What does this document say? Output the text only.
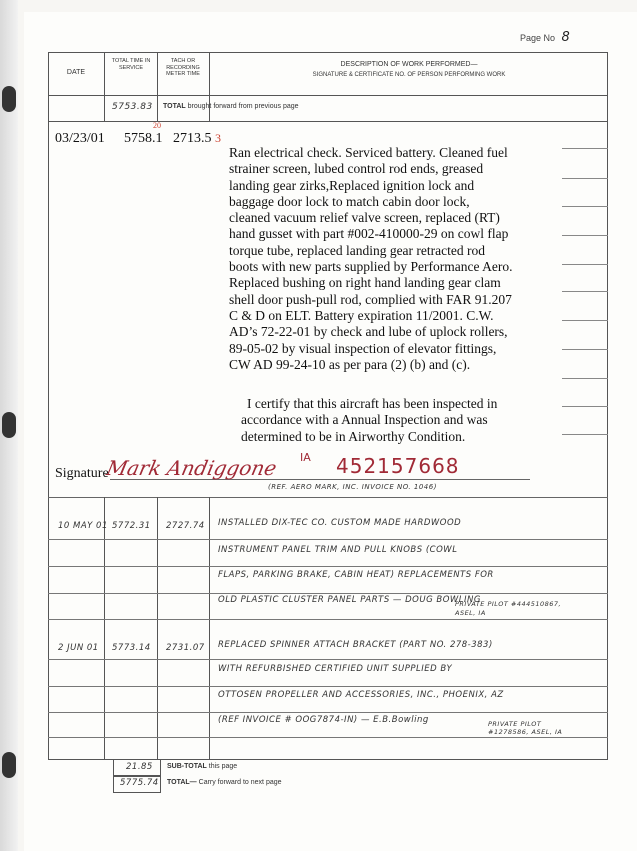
Page No 8
DATE
TOTAL TIME IN SERVICE
TACH OR RECORDING METER TIME
DESCRIPTION OF WORK PERFORMED—
SIGNATURE & CERTIFICATE NO. OF PERSON PERFORMING WORK
5753.83 TOTAL brought forward from previous page
03/23/01 5758.1
20
2713.5 3
Ran electrical check. Serviced battery. Cleaned fuel
strainer screen, lubed control rod ends, greased
landing gear zirks,Replaced ignition lock and
baggage door lock to match cabin door lock,
cleaned vacuum relief valve screen, replaced (RT)
hand gusset with part #002-410000-29 on cowl flap
torque tube, replaced landing gear retracted rod
boots with new parts supplied by Performance Aero.
Replaced bushing on right hand landing gear clam
shell door push-pull rod, complied with FAR 91.207
C & D on ELT. Battery expiration 11/2001. C.W.
AD’s 72-22-01 by check and lube of uplock rollers,
89-05-02 by visual inspection of elevator fittings,
CW AD 99-24-10 as per para (2) (b) and (c).
I certify that this aircraft has been inspected in
accordance with a Annual Inspection and was
determined to be in Airworthy Condition.
Signature
Mark Andiggone IA 452157668
(REF. AERO MARK, INC. INVOICE NO. 1046)
10 MAY 01 5772.31 2727.74 INSTALLED DIX-TEC CO. CUSTOM MADE HARDWOOD
INSTRUMENT PANEL TRIM AND PULL KNOBS (COWL
FLAPS, PARKING BRAKE, CABIN HEAT) REPLACEMENTS FOR
OLD PLASTIC CLUSTER PANEL PARTS — DOUG BOWLING
PRIVATE PILOT #444510867, ASEL, IA
2 JUN 01 5773.14 2731.07 REPLACED SPINNER ATTACH BRACKET (PART NO. 278-383)
WITH REFURBISHED CERTIFIED UNIT SUPPLIED BY
OTTOSEN PROPELLER AND ACCESSORIES, INC., PHOENIX, AZ
(REF INVOICE # OOG7874-IN) — E.B.Bowling	PRIVATE PILOT #1278586, ASEL, IA
21.85 SUB-TOTAL this page
5775.74 TOTAL— Carry forward to next page
